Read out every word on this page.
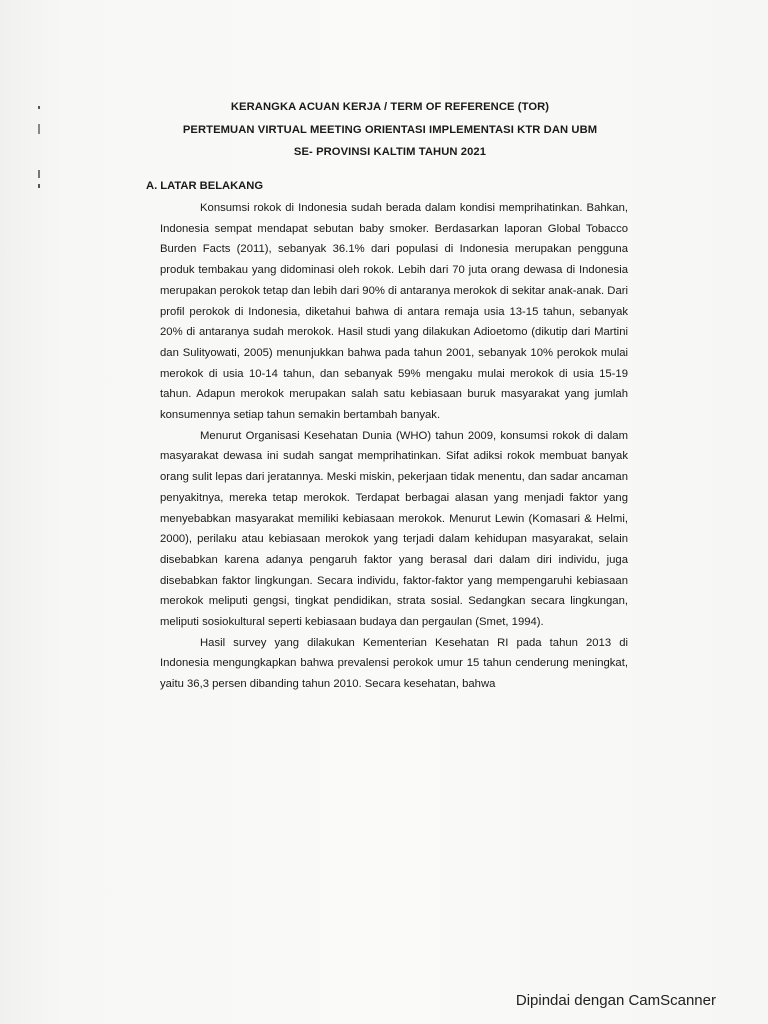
KERANGKA ACUAN KERJA / TERM OF REFERENCE (TOR)
PERTEMUAN VIRTUAL MEETING ORIENTASI IMPLEMENTASI KTR DAN UBM
SE- PROVINSI KALTIM TAHUN 2021
A. LATAR BELAKANG

Konsumsi rokok di Indonesia sudah berada dalam kondisi memprihatinkan. Bahkan, Indonesia sempat mendapat sebutan baby smoker. Berdasarkan laporan Global Tobacco Burden Facts (2011), sebanyak 36.1% dari populasi di Indonesia merupakan pengguna produk tembakau yang didominasi oleh rokok. Lebih dari 70 juta orang dewasa di Indonesia merupakan perokok tetap dan lebih dari 90% di antaranya merokok di sekitar anak-anak. Dari profil perokok di Indonesia, diketahui bahwa di antara remaja usia 13-15 tahun, sebanyak 20% di antaranya sudah merokok. Hasil studi yang dilakukan Adioetomo (dikutip dari Martini dan Sulityowati, 2005) menunjukkan bahwa pada tahun 2001, sebanyak 10% perokok mulai merokok di usia 10-14 tahun, dan sebanyak 59% mengaku mulai merokok di usia 15-19 tahun. Adapun merokok merupakan salah satu kebiasaan buruk masyarakat yang jumlah konsumennya setiap tahun semakin bertambah banyak.

Menurut Organisasi Kesehatan Dunia (WHO) tahun 2009, konsumsi rokok di dalam masyarakat dewasa ini sudah sangat memprihatinkan. Sifat adiksi rokok membuat banyak orang sulit lepas dari jeratannya. Meski miskin, pekerjaan tidak menentu, dan sadar ancaman penyakitnya, mereka tetap merokok. Terdapat berbagai alasan yang menjadi faktor yang menyebabkan masyarakat memiliki kebiasaan merokok. Menurut Lewin (Komasari & Helmi, 2000), perilaku atau kebiasaan merokok yang terjadi dalam kehidupan masyarakat, selain disebabkan karena adanya pengaruh faktor yang berasal dari dalam diri individu, juga disebabkan faktor lingkungan. Secara individu, faktor-faktor yang mempengaruhi kebiasaan merokok meliputi gengsi, tingkat pendidikan, strata sosial. Sedangkan secara lingkungan, meliputi sosiokultural seperti kebiasaan budaya dan pergaulan (Smet, 1994).

Hasil survey yang dilakukan Kementerian Kesehatan RI pada tahun 2013 di Indonesia mengungkapkan bahwa prevalensi perokok umur 15 tahun cenderung meningkat, yaitu 36,3 persen dibanding tahun 2010. Secara kesehatan, bahwa

Dipindai dengan CamScanner
